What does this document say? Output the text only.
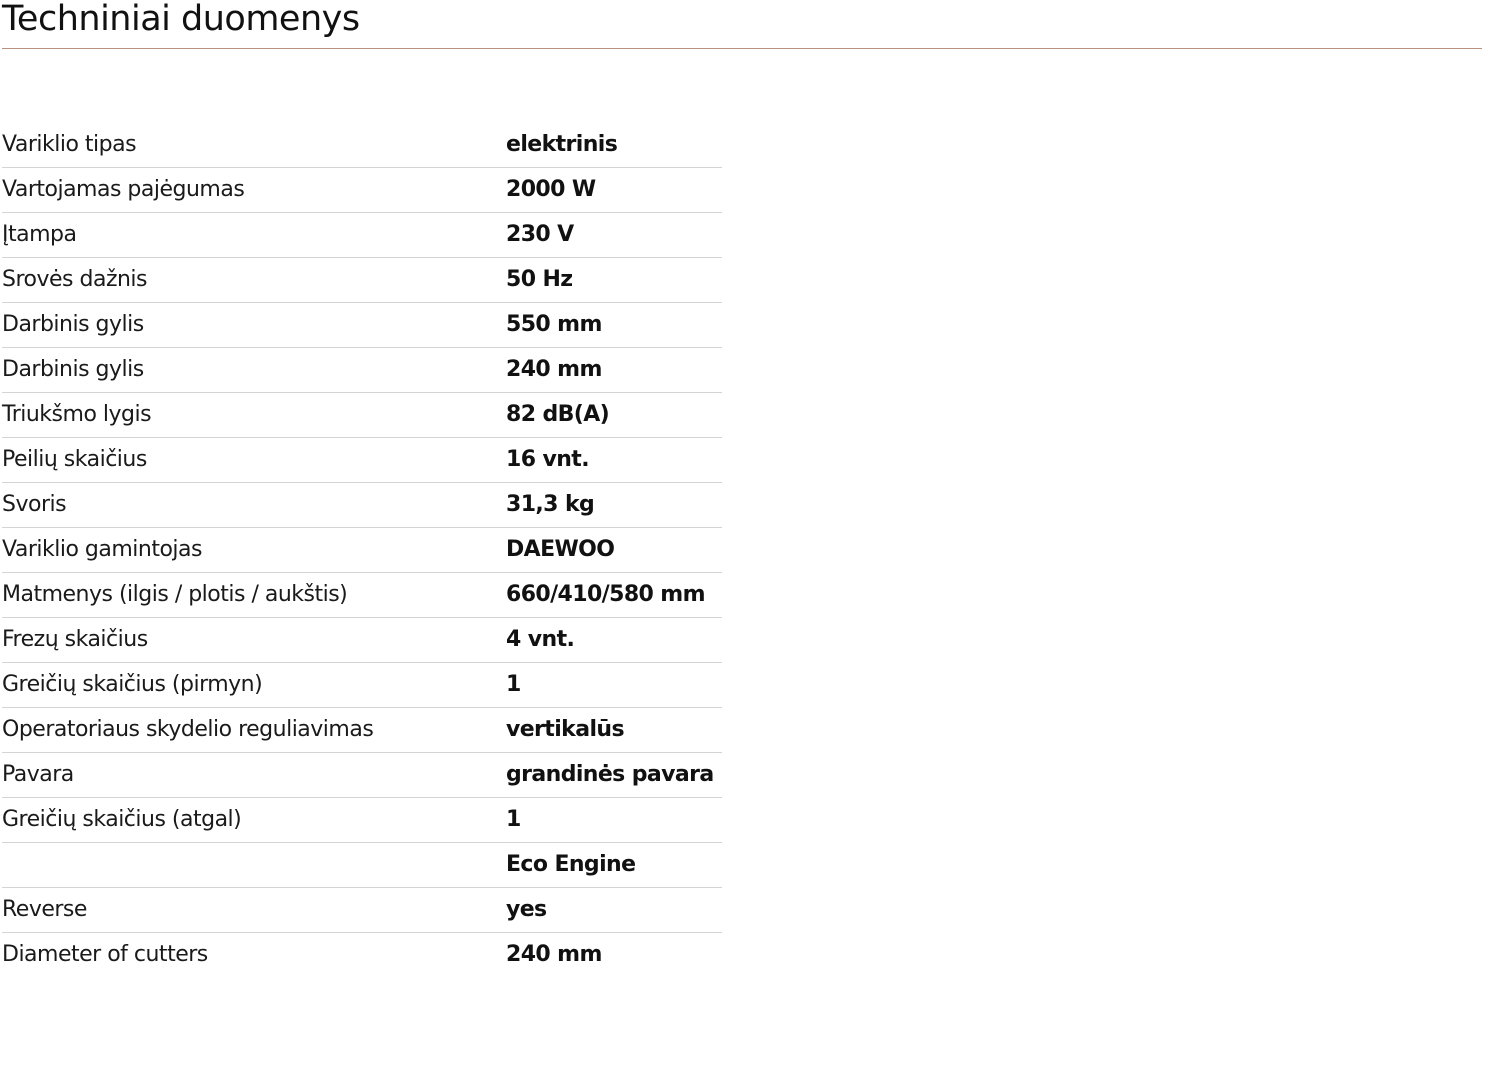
Techniniai duomenys
Variklio tipas	elektrinis
Vartojamas pajėgumas	2000 W
Įtampa	230 V
Srovės dažnis	50 Hz
Darbinis gylis	550 mm
Darbinis gylis	240 mm
Triukšmo lygis	82 dB(A)
Peilių skaičius	16 vnt.
Svoris	31,3 kg
Variklio gamintojas	DAEWOO
Matmenys (ilgis / plotis / aukštis)	660/410/580 mm
Frezų skaičius	4 vnt.
Greičių skaičius (pirmyn)	1
Operatoriaus skydelio reguliavimas	vertikalūs
Pavara	grandinės pavara
Greičių skaičius (atgal)	1
	Eco Engine
Reverse	yes
Diameter of cutters	240 mm
